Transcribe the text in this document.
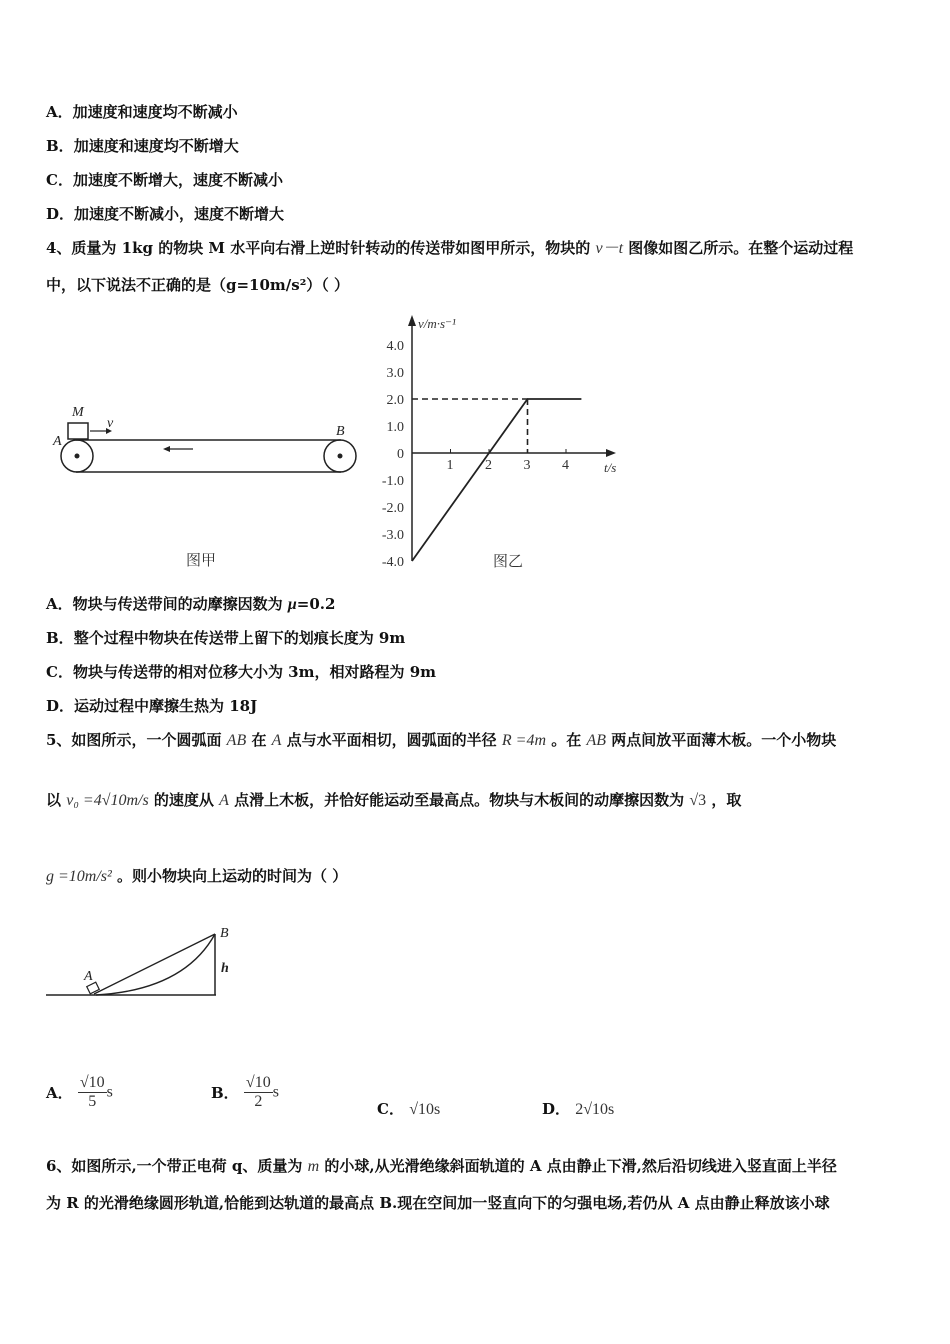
A．加速度和速度均不断减小
B．加速度和速度均不断增大
C．加速度不断增大，速度不断减小
D．加速度不断减小，速度不断增大
4、质量为 1kg 的物块 M 水平向右滑上逆时针转动的传送带如图甲所示，物块的 v－t 图像如图乙所示。在整个运动过程
中，以下说法不正确的是（g=10m/s²）（ ）
M
v
A
B
图甲
4.0
3.0
2.0
1.0
0
-1.0
-2.0
-3.0
-4.0
1 2 3 4
v/m·s⁻¹
t/s
图乙
A．物块与传送带间的动摩擦因数为 μ=0.2
B．整个过程中物块在传送带上留下的划痕长度为 9m
C．物块与传送带的相对位移大小为 3m，相对路程为 9m
D．运动过程中摩擦生热为 18J
5、如图所示，一个圆弧面 AB 在 A 点与水平面相切，圆弧面的半径 R =4m 。在 AB 两点间放平面薄木板。一个小物块
以 v₀ =4√10m/s 的速度从 A 点滑上木板，并恰好能运动至最高点。物块与木板间的动摩擦因数为 √3 ，取
g =10m/s² 。则小物块向上运动的时间为（ ）
A
B
h
A． $\frac{√10}{5}$ s	B． $\frac{√10}{2}$ s
C． √10s	D． 2√10s
6、如图所示,一个带正电荷 q、质量为 m 的小球,从光滑绝缘斜面轨道的 A 点由静止下滑,然后沿切线进入竖直面上半径
为 R 的光滑绝缘圆形轨道,恰能到达轨道的最高点 B.现在空间加一竖直向下的匀强电场,若仍从 A 点由静止释放该小球
